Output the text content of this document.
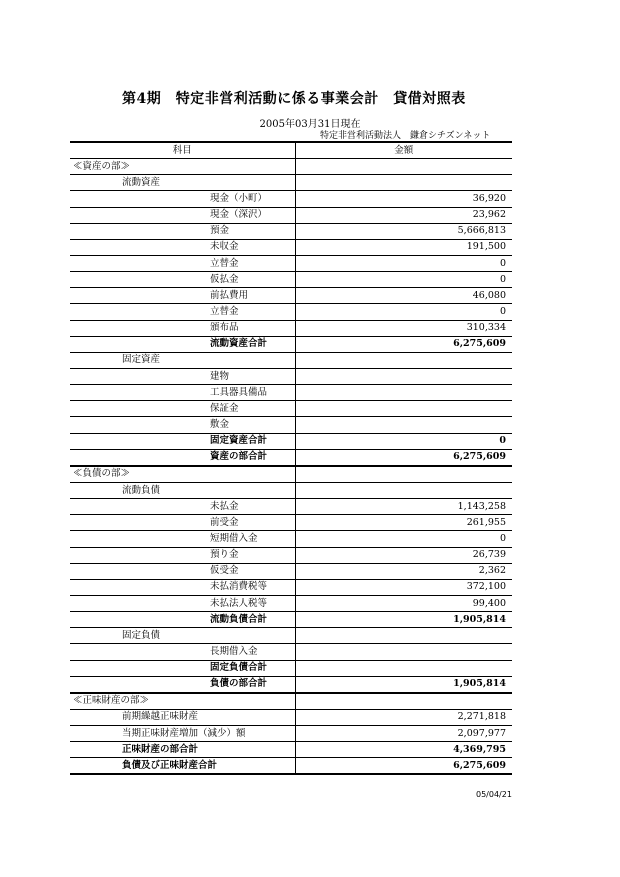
第4期　特定非営利活動に係る事業会計　貸借対照表
2005年03月31日現在
特定非営利活動法人　鎌倉シチズンネット
科目	金額
≪資産の部≫	
流動資産	
現金（小町）	36,920
現金（深沢）	23,962
預金	5,666,813
未収金	191,500
立替金	0
仮払金	0
前払費用	46,080
立替金	0
頒布品	310,334
流動資産合計	6,275,609
固定資産	
建物	
工具器具備品	
保証金	
敷金	
固定資産合計	0
資産の部合計	6,275,609
≪負債の部≫	
流動負債	
未払金	1,143,258
前受金	261,955
短期借入金	0
預り金	26,739
仮受金	2,362
未払消費税等	372,100
未払法人税等	99,400
流動負債合計	1,905,814
固定負債	
長期借入金	
固定負債合計	
負債の部合計	1,905,814
≪正味財産の部≫	
前期繰越正味財産	2,271,818
当期正味財産増加（減少）額	2,097,977
正味財産の部合計	4,369,795
負債及び正味財産合計	6,275,609
05/04/21
